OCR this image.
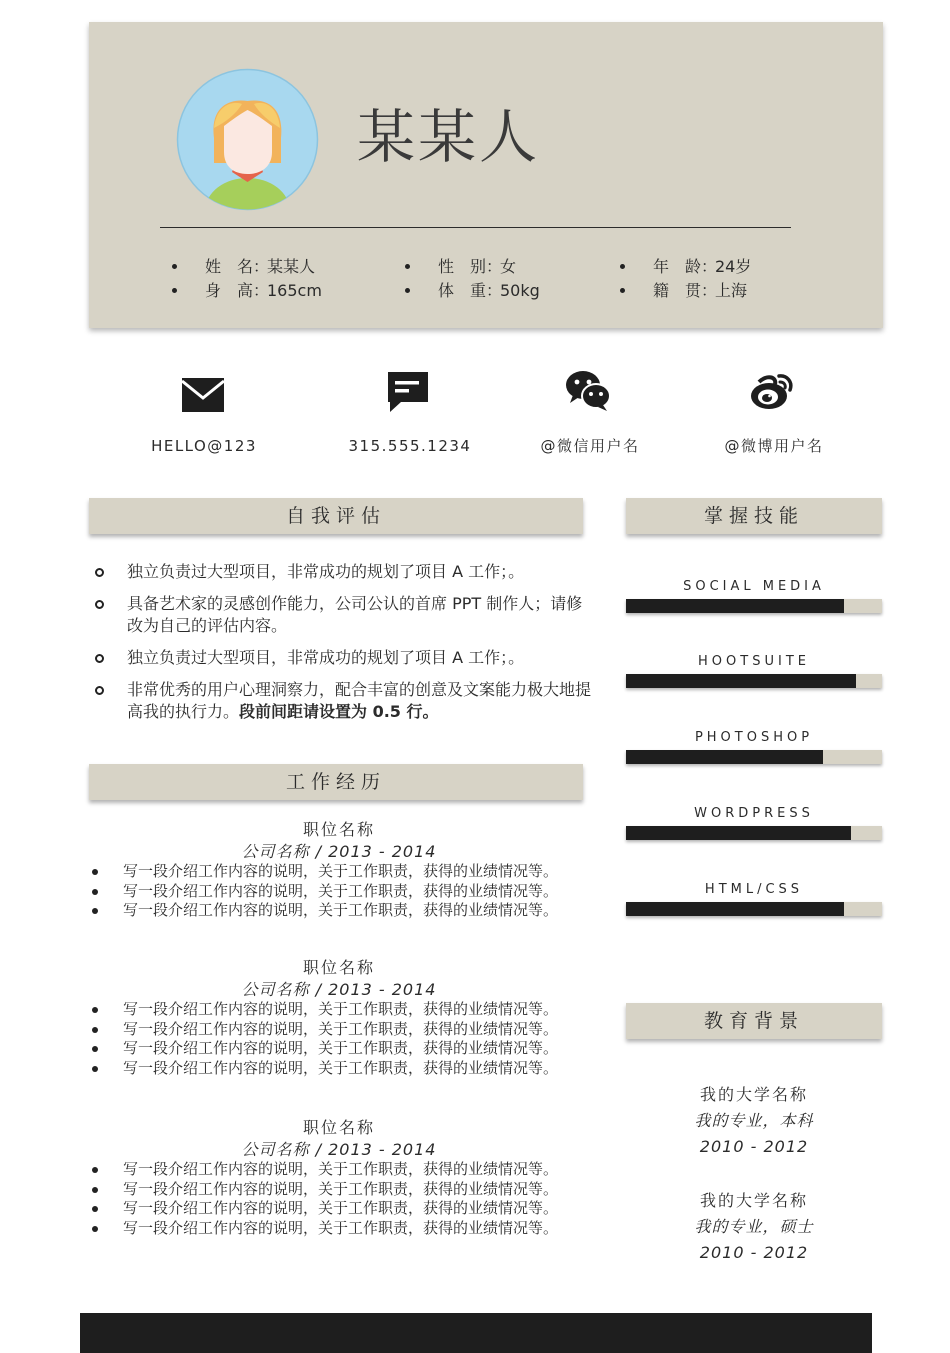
某某人
姓　名：某某人	性　别：女	年　龄：24岁
身　高：165cm	体　重：50kg	籍　贯：上海
HELLO@123	315.555.1234	@微信用户名	@微博用户名
自我评估
独立负责过大型项目，非常成功的规划了项目 A 工作；。
具备艺术家的灵感创作能力，公司公认的首席 PPT 制作人；请修改为自己的评估内容。
独立负责过大型项目，非常成功的规划了项目 A 工作；。
非常优秀的用户心理洞察力，配合丰富的创意及文案能力极大地提高我的执行力。段前间距请设置为 0.5 行。
工作经历
职位名称
公司名称 / 2013 - 2014
写一段介绍工作内容的说明，关于工作职责，获得的业绩情况等。
写一段介绍工作内容的说明，关于工作职责，获得的业绩情况等。
写一段介绍工作内容的说明，关于工作职责，获得的业绩情况等。
职位名称
公司名称 / 2013 - 2014
写一段介绍工作内容的说明，关于工作职责，获得的业绩情况等。
写一段介绍工作内容的说明，关于工作职责，获得的业绩情况等。
写一段介绍工作内容的说明，关于工作职责，获得的业绩情况等。
写一段介绍工作内容的说明，关于工作职责，获得的业绩情况等。
职位名称
公司名称 / 2013 - 2014
写一段介绍工作内容的说明，关于工作职责，获得的业绩情况等。
写一段介绍工作内容的说明，关于工作职责，获得的业绩情况等。
写一段介绍工作内容的说明，关于工作职责，获得的业绩情况等。
写一段介绍工作内容的说明，关于工作职责，获得的业绩情况等。
掌握技能
SOCIAL MEDIA
HOOTSUITE
PHOTOSHOP
WORDPRESS
HTML/CSS
教育背景
我的大学名称
我的专业，本科
2010 - 2012
我的大学名称
我的专业，硕士
2010 - 2012
